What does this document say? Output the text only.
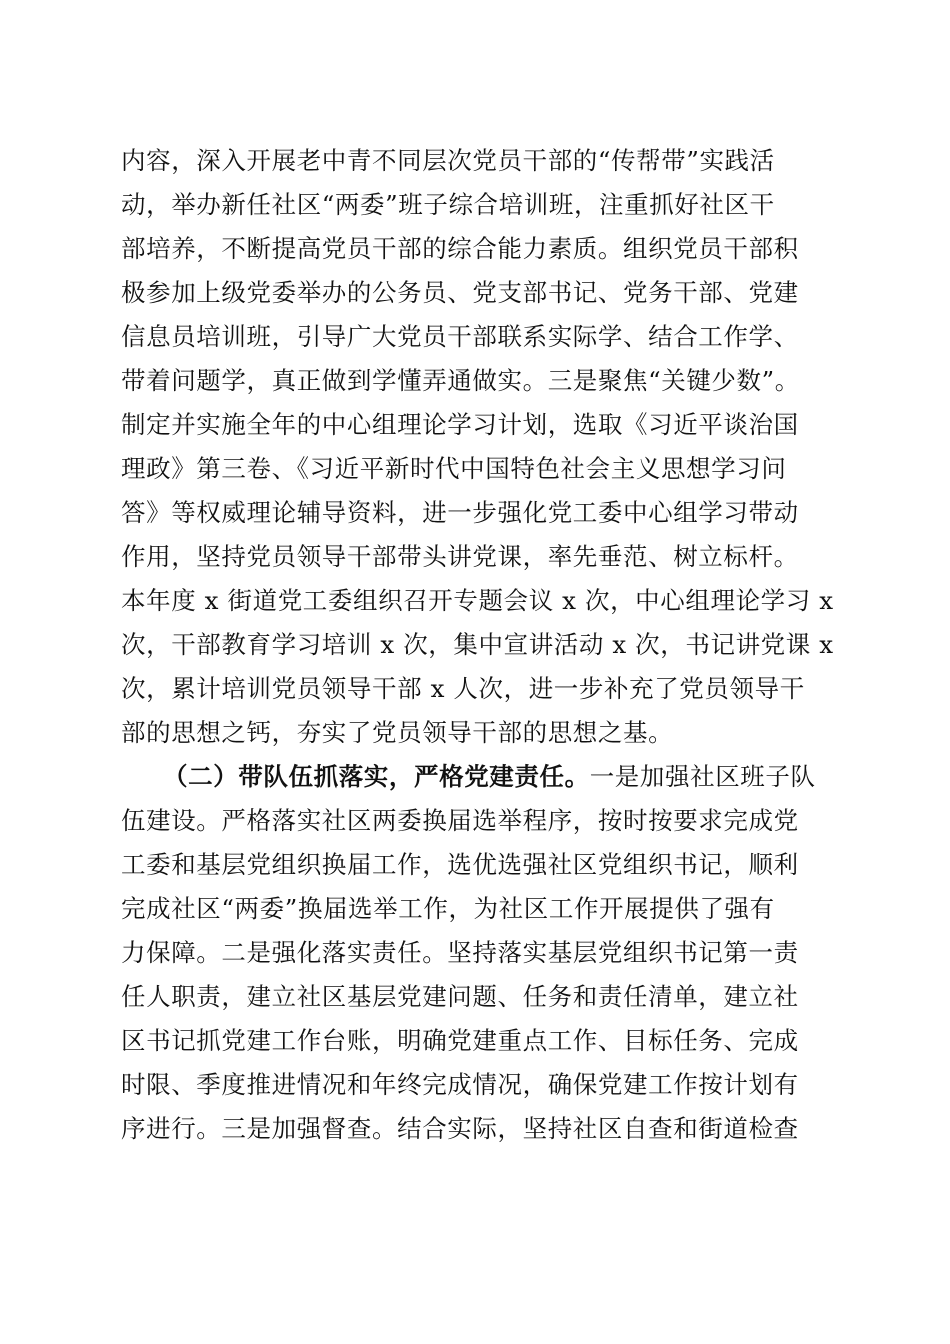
内容，深入开展老中青不同层次党员干部的“传帮带”实践活
动，举办新任社区“两委”班子综合培训班，注重抓好社区干
部培养，不断提高党员干部的综合能力素质。组织党员干部积
极参加上级党委举办的公务员、党支部书记、党务干部、党建
信息员培训班，引导广大党员干部联系实际学、结合工作学、
带着问题学，真正做到学懂弄通做实。三是聚焦“关键少数”。
制定并实施全年的中心组理论学习计划，选取《习近平谈治国
理政》第三卷、《习近平新时代中国特色社会主义思想学习问
答》等权威理论辅导资料，进一步强化党工委中心组学习带动
作用，坚持党员领导干部带头讲党课，率先垂范、树立标杆。
本年度 x 街道党工委组织召开专题会议 x 次，中心组理论学习 x
次，干部教育学习培训 x 次，集中宣讲活动 x 次，书记讲党课 x
次，累计培训党员领导干部 x 人次，进一步补充了党员领导干
部的思想之钙，夯实了党员领导干部的思想之基。
（二）带队伍抓落实，严格党建责任。一是加强社区班子队
伍建设。严格落实社区两委换届选举程序，按时按要求完成党
工委和基层党组织换届工作，选优选强社区党组织书记，顺利
完成社区“两委”换届选举工作，为社区工作开展提供了强有
力保障。二是强化落实责任。坚持落实基层党组织书记第一责
任人职责，建立社区基层党建问题、任务和责任清单，建立社
区书记抓党建工作台账，明确党建重点工作、目标任务、完成
时限、季度推进情况和年终完成情况，确保党建工作按计划有
序进行。三是加强督查。结合实际，坚持社区自查和街道检查
